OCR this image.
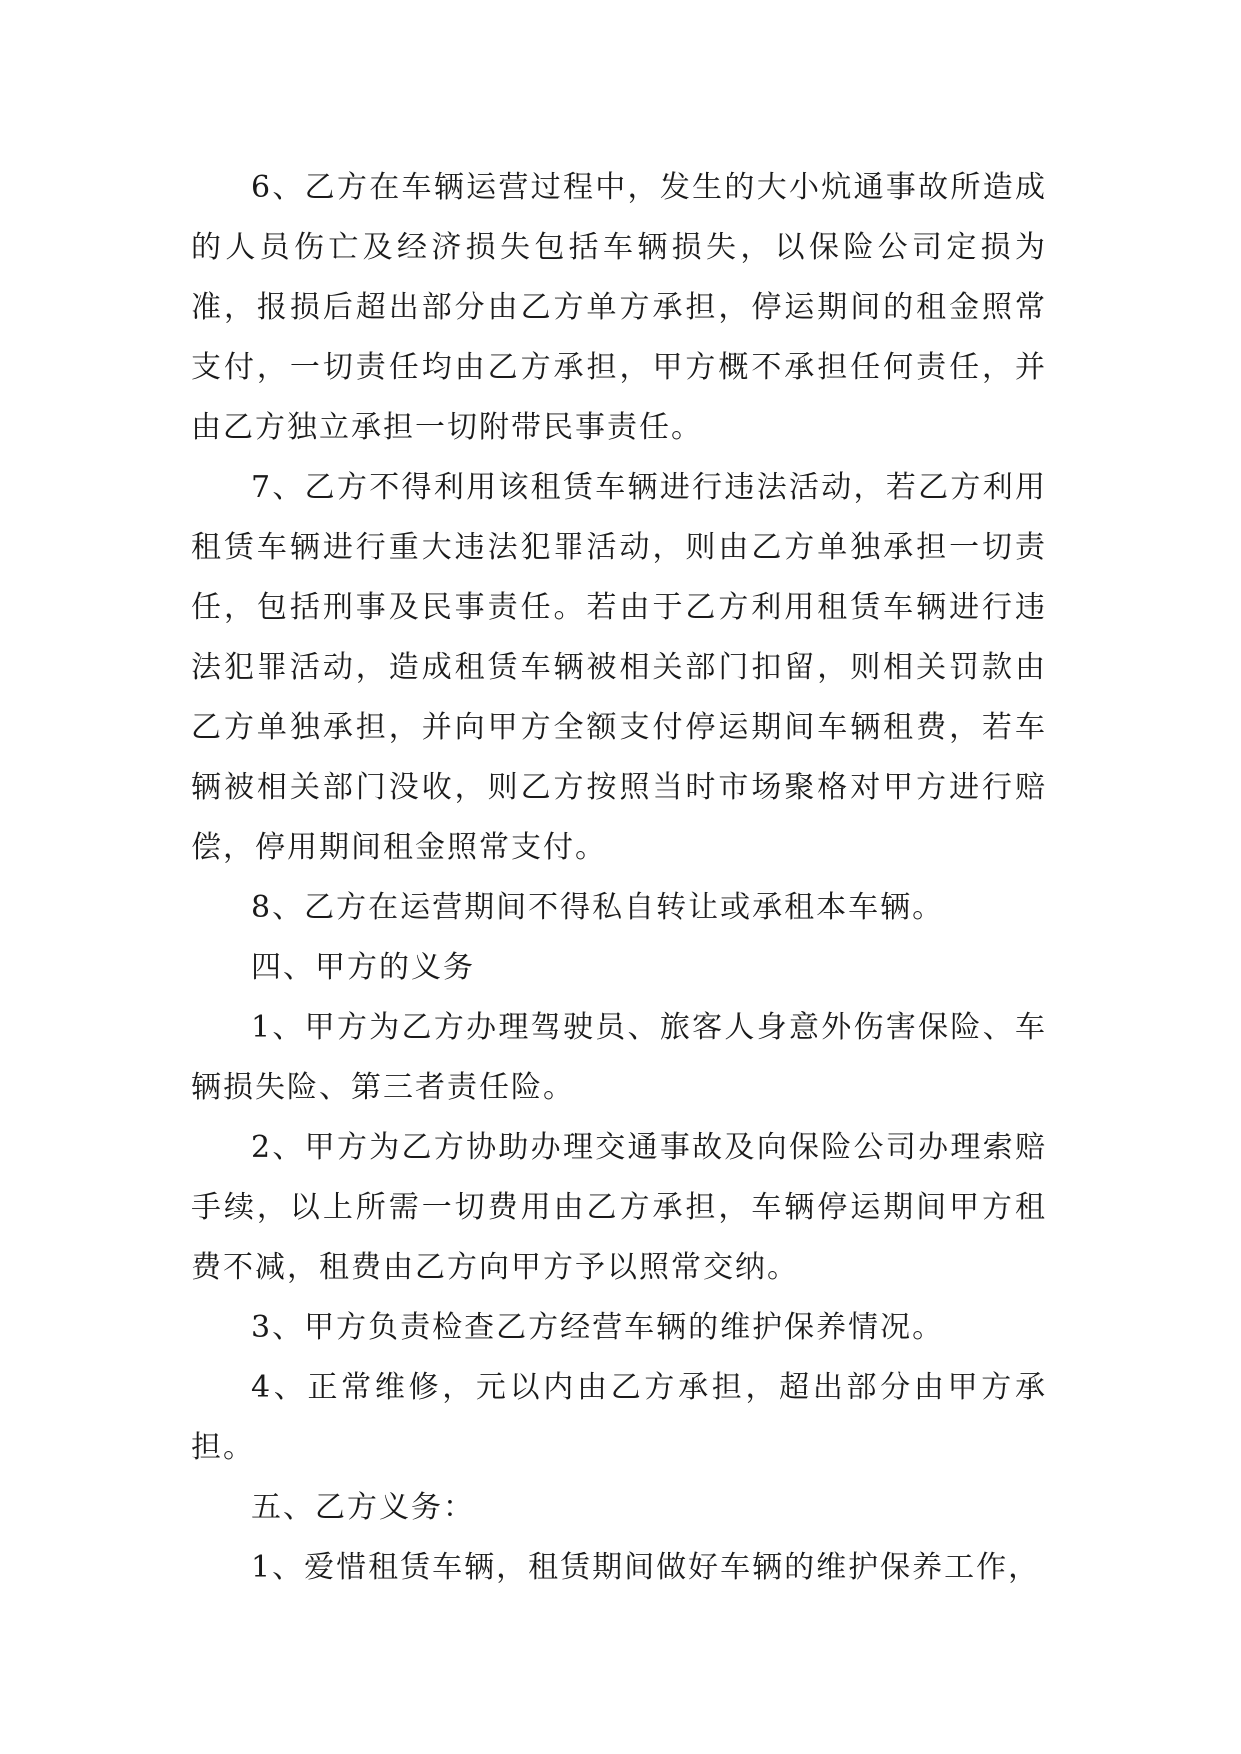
6、乙方在车辆运营过程中，发生的大小炕通事故所造成的人员伤亡及经济损失包括车辆损失，以保险公司定损为准，报损后超出部分由乙方单方承担，停运期间的租金照常支付，一切责任均由乙方承担，甲方概不承担任何责任，并由乙方独立承担一切附带民事责任。

7、乙方不得利用该租赁车辆进行违法活动，若乙方利用租赁车辆进行重大违法犯罪活动，则由乙方单独承担一切责任，包括刑事及民事责任。若由于乙方利用租赁车辆进行违法犯罪活动，造成租赁车辆被相关部门扣留，则相关罚款由乙方单独承担，并向甲方全额支付停运期间车辆租费，若车辆被相关部门没收，则乙方按照当时市场聚格对甲方进行赔偿，停用期间租金照常支付。

8、乙方在运营期间不得私自转让或承租本车辆。

四、甲方的义务

1、甲方为乙方办理驾驶员、旅客人身意外伤害保险、车辆损失险、第三者责任险。

2、甲方为乙方协助办理交通事故及向保险公司办理索赔手续，以上所需一切费用由乙方承担，车辆停运期间甲方租费不减，租费由乙方向甲方予以照常交纳。

3、甲方负责检查乙方经营车辆的维护保养情况。

4、正常维修，元以内由乙方承担，超出部分由甲方承担。

五、乙方义务：

1、爱惜租赁车辆，租赁期间做好车辆的维护保养工作，
